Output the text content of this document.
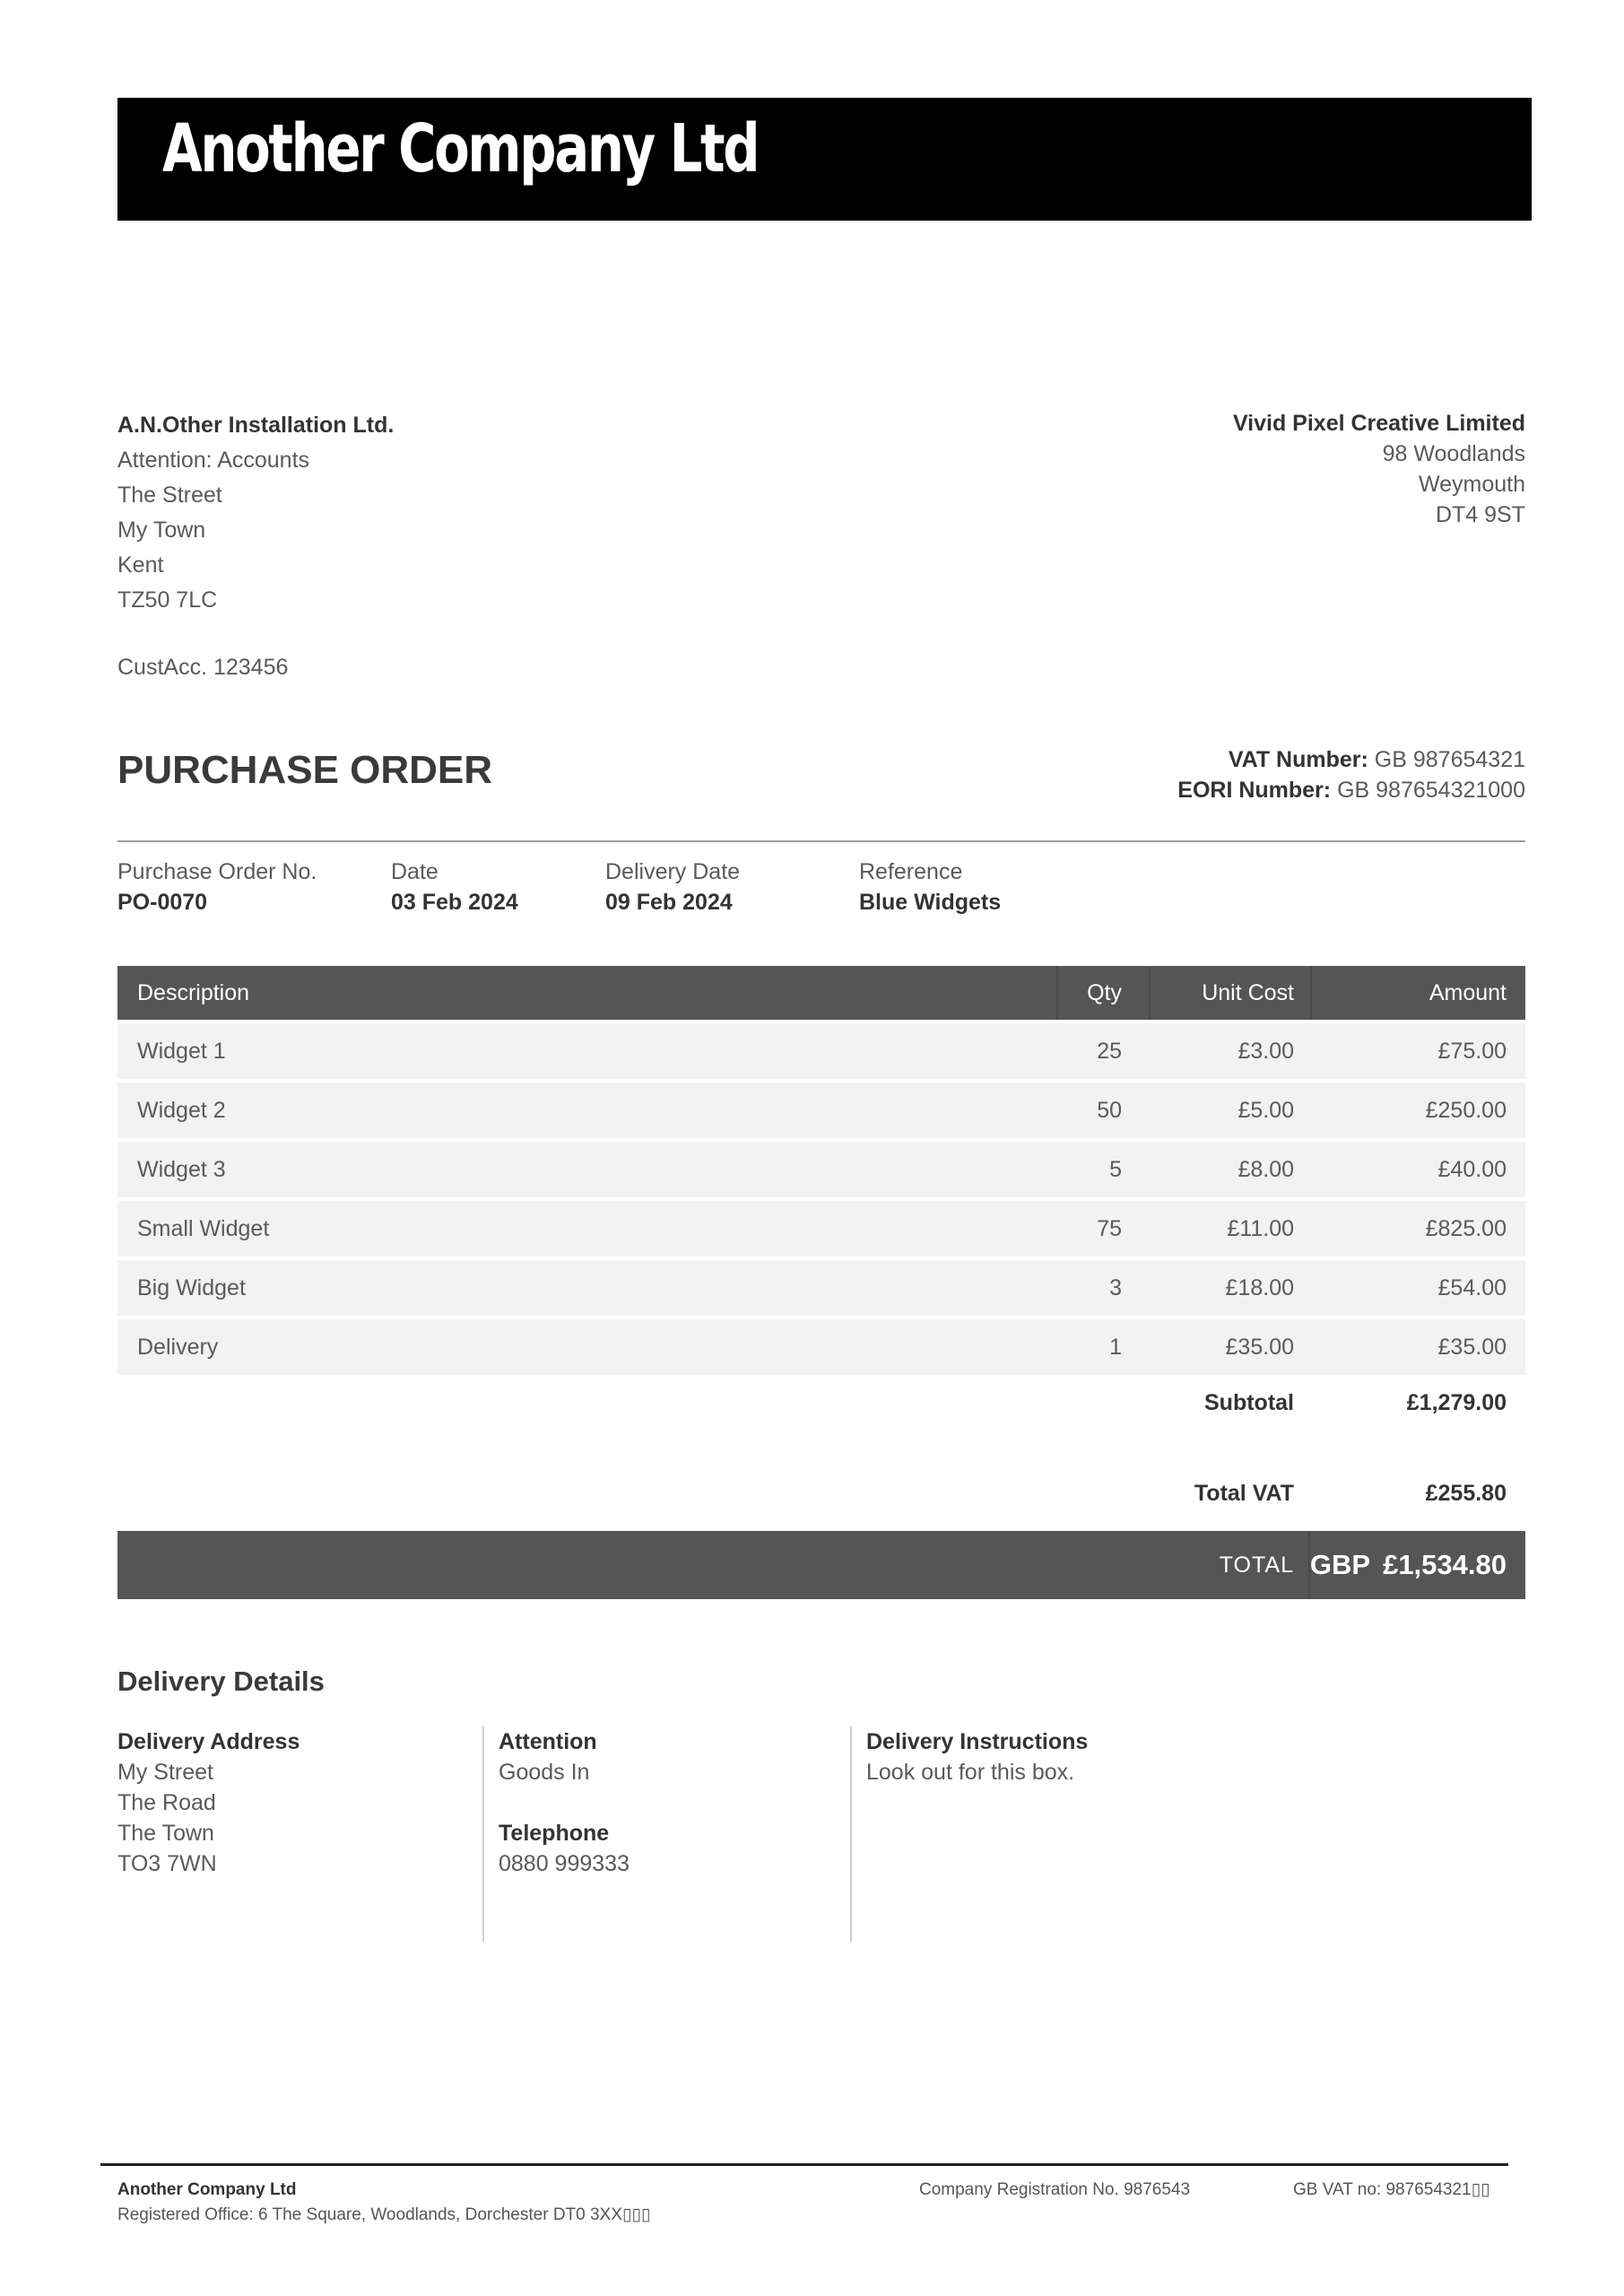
Another Company Ltd
A.N.Other Installation Ltd.
Attention: Accounts
The Street
My Town
Kent
TZ50 7LC
CustAcc. 123456
Vivid Pixel Creative Limited
98 Woodlands
Weymouth
DT4 9ST
PURCHASE ORDER	VAT Number: GB 987654321
EORI Number: GB 987654321000
Purchase Order No.
PO-0070
Date
03 Feb 2024
Delivery Date
09 Feb 2024
Reference
Blue Widgets
Description	Qty	Unit Cost	Amount
Widget 1	25	£3.00	£75.00
Widget 2	50	£5.00	£250.00
Widget 3	5	£8.00	£40.00
Small Widget	75	£11.00	£825.00
Big Widget	3	£18.00	£54.00
Delivery	1	£35.00	£35.00
Subtotal	£1,279.00
Total VAT	£255.80
TOTAL GBP £1,534.80
Delivery Details
Delivery Address
My Street
The Road
The Town
TO3 7WN
Attention
Goods In
Telephone
0880 999333
Delivery Instructions
Look out for this box.
Another Company Ltd
Registered Office: 6 The Square, Woodlands, Dorchester DT0 3XX▯▯▯
Company Registration No. 9876543	GB VAT no: 987654321▯▯
